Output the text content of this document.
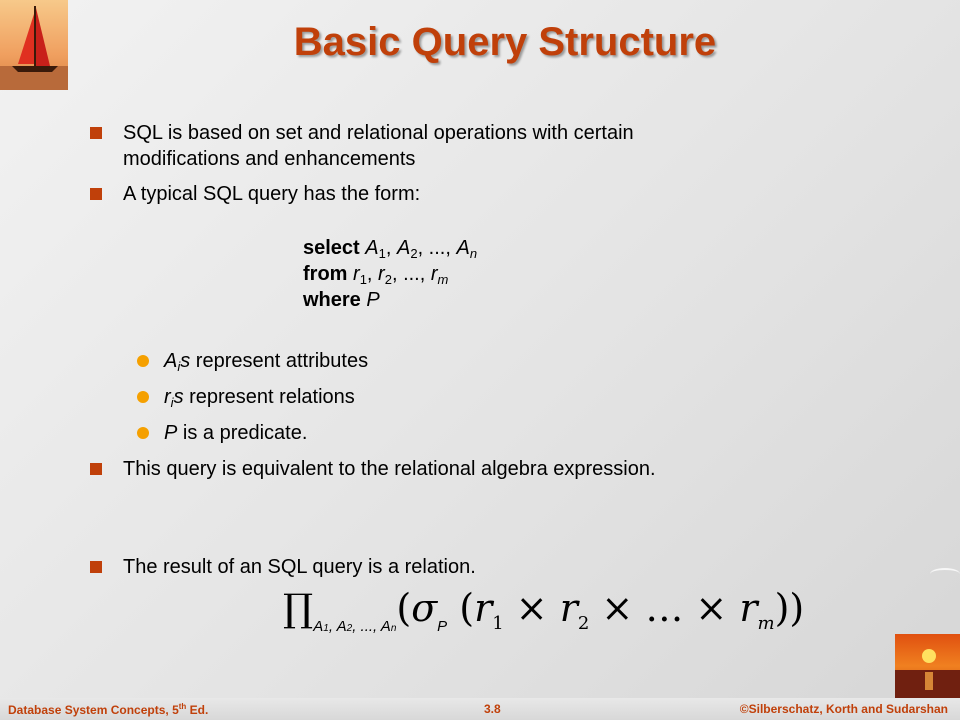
Basic Query Structure
SQL is based on set and relational operations with certain
modifications and enhancements
A typical SQL query has the form:
select $A_1$, $A_2$, ..., $A_n$
from $r_1$, $r_2$, ..., $r_m$
where P
$A_is$ represent attributes
$r_is$ represent relations
P is a predicate.
This query is equivalent to the relational algebra expression.
The result of an SQL query is a relation.
$\prod_{A1, A2, ..., An}(\sigma_P$ ($r_1 \times r_2$ × … × $r_m$))
Database System Concepts, 5th Ed.	3.8	©Silberschatz, Korth and Sudarshan
